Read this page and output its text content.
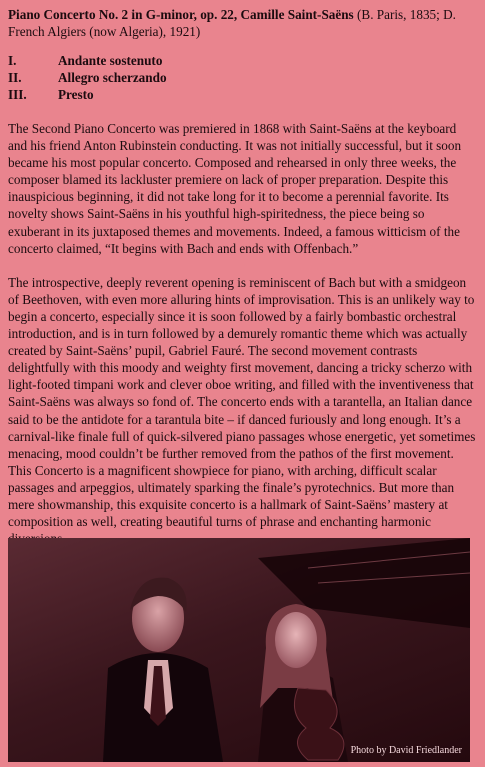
Piano Concerto No. 2 in G-minor, op. 22, Camille Saint-Saëns (B. Paris, 1835; D. French Algiers (now Algeria), 1921)

I.	Andante sostenuto
II.	Allegro scherzando
III.	Presto

The Second Piano Concerto was premiered in 1868 with Saint-Saëns at the keyboard and his friend Anton Rubinstein conducting. It was not initially successful, but it soon became his most popular concerto. Composed and rehearsed in only three weeks, the composer blamed its lackluster premiere on lack of proper preparation. Despite this inauspicious beginning, it did not take long for it to become a perennial favorite. Its novelty shows Saint-Saëns in his youthful high-spiritedness, the piece being so exuberant in its juxtaposed themes and movements. Indeed, a famous witticism of the concerto claimed, “It begins with Bach and ends with Offenbach.”

The introspective, deeply reverent opening is reminiscent of Bach but with a smidgeon of Beethoven, with even more alluring hints of improvisation. This is an unlikely way to begin a concerto, especially since it is soon followed by a fairly bombastic orchestral introduction, and is in turn followed by a demurely romantic theme which was actually created by Saint-Saëns’ pupil, Gabriel Fauré. The second movement contrasts delightfully with this moody and weighty first movement, dancing a tricky scherzo with light-footed timpani work and clever oboe writing, and filled with the inventiveness that Saint-Saëns was always so fond of. The concerto ends with a tarantella, an Italian dance said to be the antidote for a tarantula bite – if danced furiously and long enough. It’s a carnival-like finale full of quick-silvered piano passages whose energetic, yet sometimes menacing, mood couldn’t be further removed from the pathos of the first movement. This Concerto is a magnificent showpiece for piano, with arching, difficult scalar passages and arpeggios, ultimately sparking the finale’s pyrotechnics. But more than mere showmanship, this exquisite concerto is a hallmark of Saint-Saëns’ mastery at composition as well, creating beautiful turns of phrase and enchanting harmonic

Photo by David Friedlander
